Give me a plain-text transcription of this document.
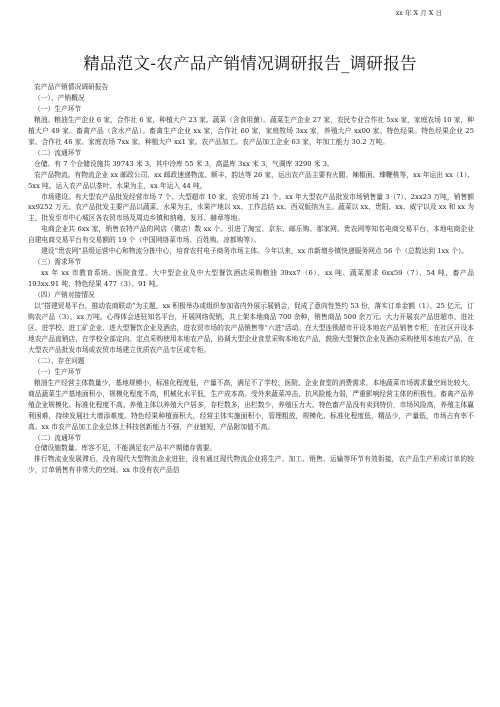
xx 年 X 月 X 日
精品范文-农产品产销情况调研报告_调研报告

农产品产销情况调研报告

（一）、产销概况

（一）生产环节

粮油。粮油生产企业 6 家，合作社 6 家，种植大户 23 家。蔬菜（含食用菌）。蔬菜生产企业 27 家，农民专业合作社 5xx 家，家庭农场 10 家，种植大户 49 家。畜禽产品（含水产品）。畜禽生产企业 xx 家，合作社 60 家，家庭牧场 3xx 家，养殖大户 xx00 家。特色经果。特色经果企业 25 家、合作社 46 家、家庭农场 7xx 家、种植大户 xx1 家。农产品加工。农产品加工企业 63 家，年加工能力 30.2 万吨。

（二）流通环节

仓储。有 7 个仓储设施共 39743 米 3，其中冷库 55 米 3，高温库 3xx 米 3，气调库 3290 米 3。

农产品物流。有物流企业 xx 邮政公司、xx 邮政速递物流、顺丰、韵达等 26 家，运出农产品主要有火腿、辣椒面、臻鞭桃等，xx 年运出 xx（1）、5xx 吨。运入农产品以茶叶、水果为主，xx 年运入 44 吨。

市场建设。有大型农产品批发经营市场 7 个、大型超市 10 家、农贸市场 21 个。xx 年大型农产品批发市场销售量 3（7）、2xx23 万吨，销售额 xx9252 万元。农产品批发主要产品以蔬菜、水果为主，水果产地以 xx、工作总结 xx、西双版纳为主。蔬菜以 xx、贵阳、xx、威宁以及 xx 和 xx 为主，批发至市中心城区各农贸市场及周边乡镇和纳雍、发耳、赫章等地。

电商企业共 6xx 家，销售农特产品的网店（微店）数 xx 个。引进了淘宝、京东、邮乐购、那家网、贵农网等知名电商交易平台，本地电商企业自建电商交易平台有交易额的 19 个（中国网络菜市场、百姓购、凉都购等）。

建设“贵农网”县级运营中心和物流分拣中心，培育农村电子商务市场主体。今年以来，xx 市新增乡镇快递服务网点 56 个（总数达到 1xx 个）。

（三）需求环节

xx 年 xx 市教育系统、医院食堂、大中型企业及中大型餐饮酒店采购粮油 39xx7（6）、xx 吨、蔬菜需求 6xx59（7）、54 吨、畜产品 193xx.91 吨、特色经果 477（3）、91 吨。

（四）产销对接情况

以“搭建贸易平台，推动农商联动”为主题，xx 积极举办或组织参加省内外展示展销会，促成了意向性签约 53 份，落实订单金额（1）、25 亿元，订购农产品（3）、xx 万吨。心得体会进驻知名平台，开展网络促销，共上架本地商品 700 余种，销售商品 500 余万元。大力开展农产品进超市、进社区、进学校、进工矿企业、进大型餐饮企业及酒店，进农贸市场的农产品销售等“六进”活动。在大型连锁超市开设本地农产品销售专柜，在社区开设本地农产品直销店，在学校全部定向、定点采购使用本地农产品，协调大型企业食堂采购本地农产品，鼓励大型餐饮企业及酒店采购使用本地农产品，在大型农产品批发市场或农贸市场建立优质农产品专区或专柜。

（二）、存在问题

（一）生产环节

粮油生产经营主体数量少，基地规模小，标准化程度低，产量不高，满足不了学校、医院、企业食堂的消费需求，本地蔬菜市场需求量空间比较大。商品蔬菜生产基地面积小，规模化程度不高，机械化水平低，生产成本高。受外来蔬菜冲击，抗风险能力弱，严重影响经营主体的积极性。畜禽产品养殖企业规模化、标准化程度不高。养殖主体以养殖大户居多，存栏数多，出栏数少，养殖压力大。特色畜产品没有卖到特价，市场风险高，养殖主体赢利困难，持续发展壮大增添难度。特色经果种植面积大，经营主体实施面积小，管理粗放，规模化、标准化程度低，精品少，产量低，市场占有率不高。xx 市农产品加工企业总体上科技创新能力不强，产业链短，产品附加值不高。

（二）流通环节

仓储设施数量、库容不足，不能满足农产品丰产期储存需要。

排行物流业发展滞后，没有现代大型物流企业进驻，没有通过现代物流企业将生产、加工、销售、运输等环节有效衔接，农产品生产形成订单的较少，订单销售有非常大的空间。xx 市没有农产品信
